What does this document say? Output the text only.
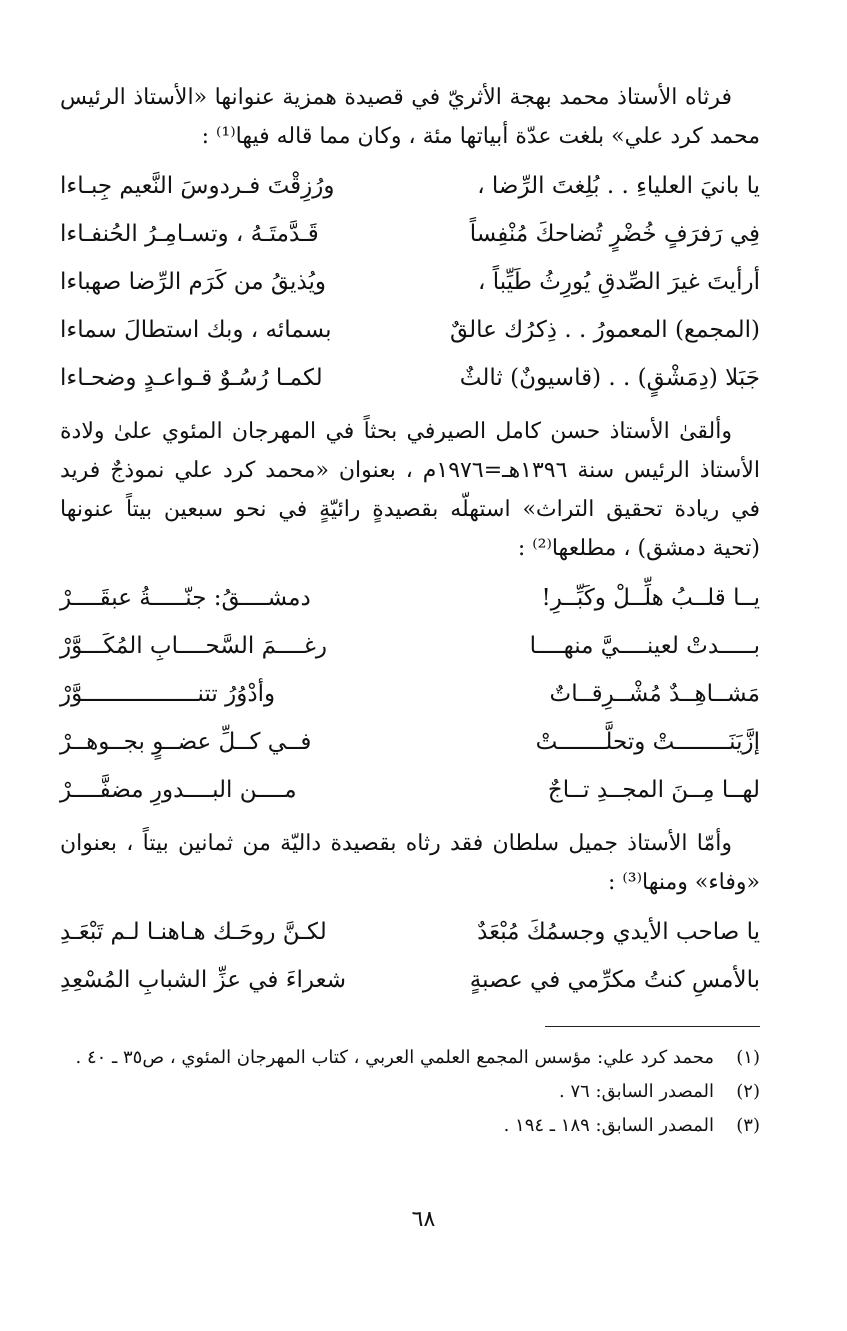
فرثاه الأستاذ محمد بهجة الأثريّ في قصيدة همزية عنوانها «الأستاذ الرئيس محمد كرد علي» بلغت عدّة أبياتها مئة ، وكان مما قاله فيها⁽¹⁾ :

يا بانيَ العلياءِ . . بُلِغتَ الرِّضا ،
ورُزِقْتَ فـردوسَ النَّعيم جِبـاءا
فِي رَفرَفٍ خُضْرٍ تُضاحكَ مُنْفِساً
قَـدَّمتَـهُ ، وتسـامِـرُ الحُنفـاءا
أرأيتَ غيرَ الصِّدقِ يُورِثُ طَيِّباً ،
ويُذيقُ من كَرَم الرِّضا صهباءا
(المجمع) المعمورُ . . ذِكرُك عالقٌ
بسمائه ، وبك استطالَ سماءا
جَبَلا (دِمَشْقٍ) . . (قاسيونٌ) ثالثٌ
لكمـا رُسُـوٌ قـواعـدٍ وضحـاءا

وألقىٰ الأستاذ حسن كامل الصيرفي بحثاً في المهرجان المئوي علىٰ ولادة الأستاذ الرئيس سنة ١٣٩٦هـ=١٩٧٦م ، بعنوان «محمد كرد علي نموذجٌ فريد في ريادة تحقيق التراث» استهلّه بقصيدةٍ رائيّةٍ في نحو سبعين بيتاً عنونها (تحية دمشق) ، مطلعها⁽²⁾ :

يــا قلــبُ هلِّــلْ وكَبِّــرِ!
دمشــــقُ: جنّـــــةُ عبقَــــرْ
بـــــدتْ لعينــــيَّ منهــــا
رغــــمَ السَّحــــابِ المُكَـــوَّرْ
مَشــاهِــدٌ مُشْــرِقــاتٌ
وأدْوُرُ تتنـــــــــــــــــوَّرْ
إزَّيَنَــــــــتْ وتحلَّـــــــتْ
فــي كــلِّ عضــوٍ بجــوهــرْ
لهــا مِــنَ المجــدِ تــاجٌ
مــــن البــــدورِ مضفَّــــرْ

وأمّا الأستاذ جميل سلطان فقد رثاه بقصيدة داليّة من ثمانين بيتاً ، بعنوان «وفاء» ومنها⁽³⁾ :

يا صاحب الأيدي وجسمُكَ مُبْعَدٌ
لكـنَّ روحَـك هـاهنـا لـم تَبْعَـدِ
بالأمسِ كنتُ مكرِّمي في عصبةٍ
شعراءَ في عزِّ الشبابِ المُسْعِدِ

(١)
محمد كرد علي: مؤسس المجمع العلمي العربي ، كتاب المهرجان المئوي ، ص٣٥ ـ ٤٠ .

(٢)
المصدر السابق: ٧٦ .

(٣)
المصدر السابق: ١٨٩ ـ ١٩٤ .

٦٨
